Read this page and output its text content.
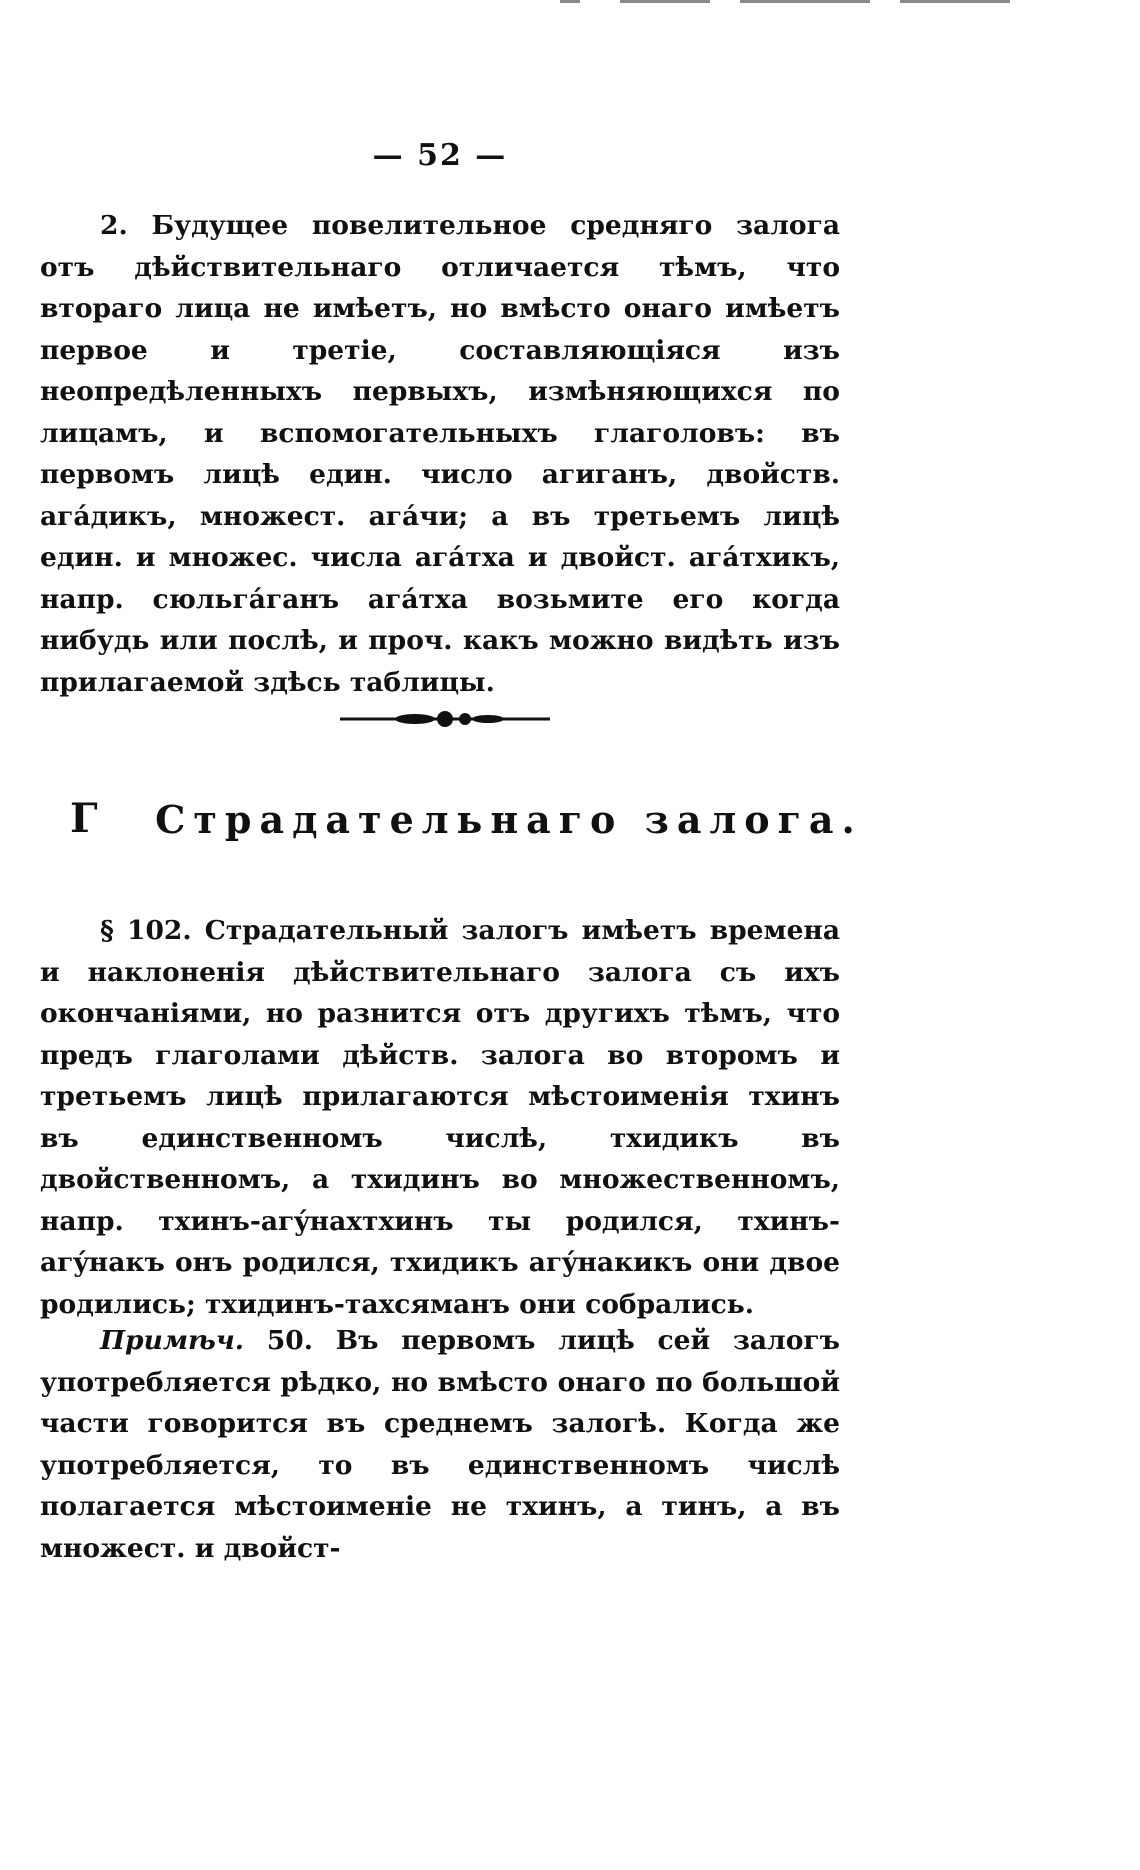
— 52 —

2. Будущее повелительное средняго залога отъ дѣйствительнаго отличается тѣмъ, что втораго лица не имѣетъ, но вмѣсто онаго имѣетъ первое и третіе, составляющіяся изъ неопредѣленныхъ первыхъ, измѣняющихся по лицамъ, и вспомогательныхъ глаголовъ: въ первомъ лицѣ един. число агиганъ, двойств. агáдикъ, множест. агáчи; а въ третьемъ лицѣ един. и множес. числа агáтха и двойст. агáтхикъ, напр. сюльгáганъ агáтха возьмите его когда нибудь или послѣ, и проч. какъ можно видѣть изъ прилагаемой здѣсь таблицы.

Г Страдательнаго залога.

§ 102. Страдательный залогъ имѣетъ времена и наклоненія дѣйствительнаго залога съ ихъ окончаніями, но разнится отъ другихъ тѣмъ, что предъ глаголами дѣйств. залога во второмъ и третьемъ лицѣ прилагаются мѣстоименія тхинъ въ единственномъ числѣ, тхидикъ въ двойственномъ, а тхидинъ во множественномъ, напр. тхинъ-агýнахтхинъ ты родился, тхинъ-агýнакъ онъ родился, тхидикъ агýнакикъ они двое родились; тхидинъ-тахсяманъ они собрались.

Примѣч. 50. Въ первомъ лицѣ сей залогъ употребляется рѣдко, но вмѣсто онаго по большой части говорится въ среднемъ залогѣ. Когда же употребляется, то въ единственномъ числѣ полагается мѣстоименіе не тхинъ, а тинъ, а въ множест. и двойст-
